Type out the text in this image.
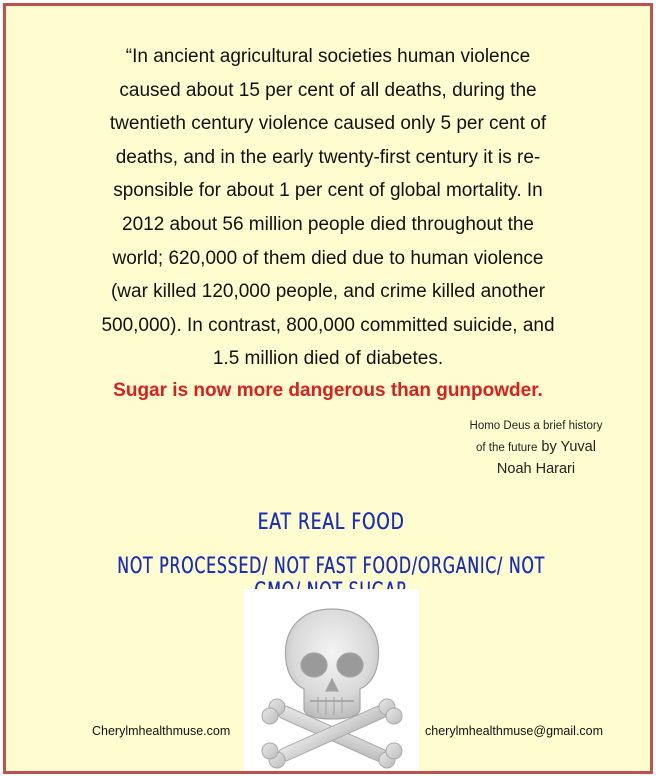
“In ancient agricultural societies human violence
caused about 15 per cent of all deaths, during the
twentieth century violence caused only 5 per cent of
deaths, and in the early twenty-first century it is re-
sponsible for about 1 per cent of global mortality. In
2012 about 56 million people died throughout the
world; 620,000 of them died due to human violence
(war killed 120,000 people, and crime killed another
500,000). In contrast, 800,000 committed suicide, and
1.5 million died of diabetes.
Sugar is now more dangerous than gunpowder.
Homo Deus a brief history
of the future by Yuval
Noah Harari
EAT REAL FOOD
NOT PROCESSED/ NOT FAST FOOD/ORGANIC/ NOT
Cherylmhealthmuse.com	cherylmhealthmuse@gmail.com
